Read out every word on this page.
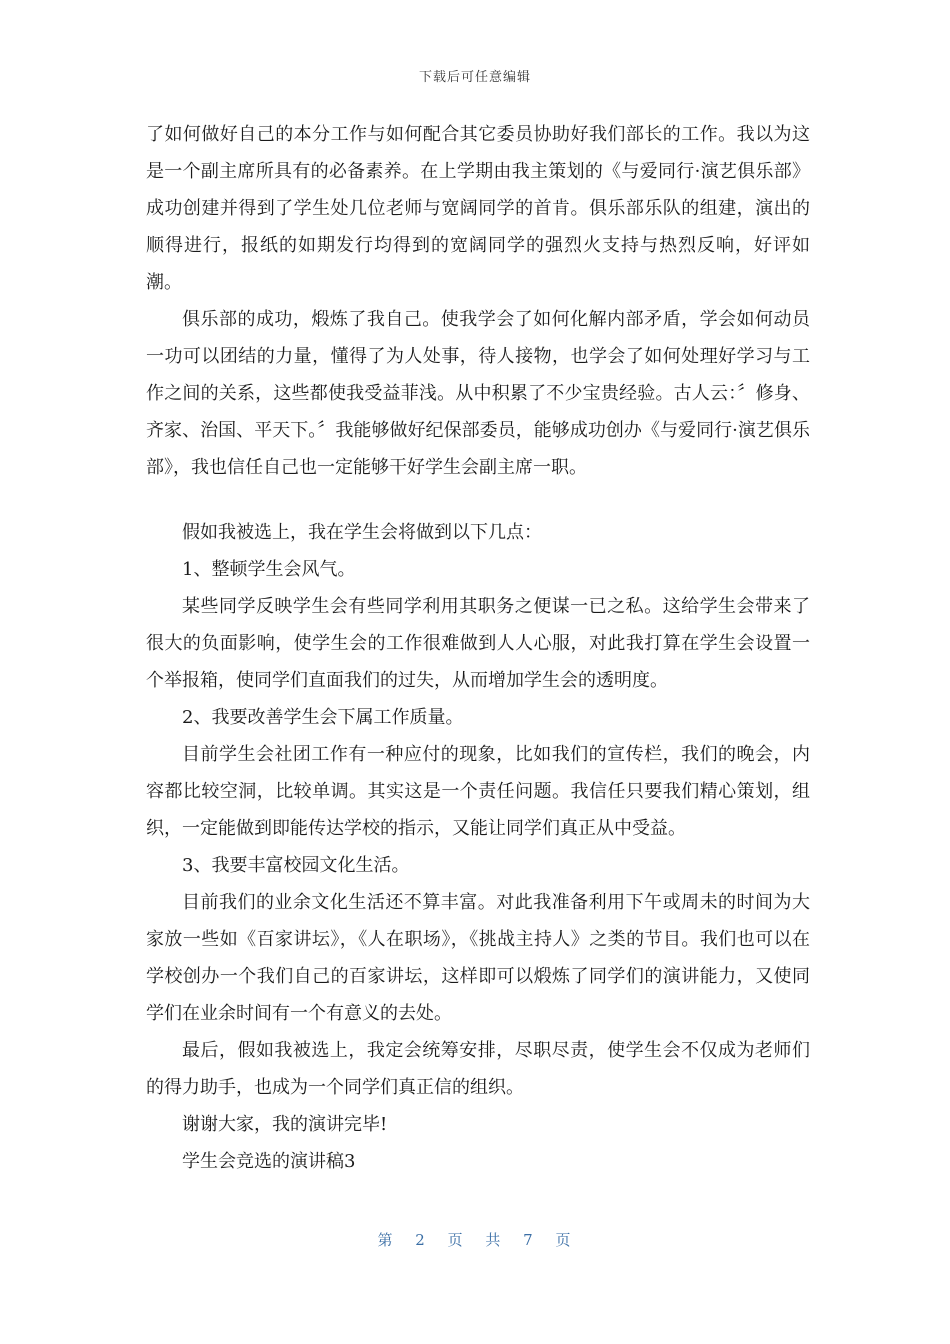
下载后可任意编辑

了如何做好自己的本分工作与如何配合其它委员协助好我们部长的工作。我以为这是一个副主席所具有的必备素养。在上学期由我主策划的《与爱同行·演艺俱乐部》成功创建并得到了学生处几位老师与宽阔同学的首肯。俱乐部乐队的组建，演出的顺得进行，报纸的如期发行均得到的宽阔同学的强烈火支持与热烈反响，好评如潮。

俱乐部的成功，煅炼了我自己。使我学会了如何化解内部矛盾，学会如何动员一功可以团结的力量，懂得了为人处事，待人接物，也学会了如何处理好学习与工作之间的关系，这些都使我受益菲浅。从中积累了不少宝贵经验。古人云：〞修身、齐家、治国、平天下。〞我能够做好纪保部委员，能够成功创办《与爱同行·演艺俱乐部》，我也信任自己也一定能够干好学生会副主席一职。

假如我被选上，我在学生会将做到以下几点：

1、整顿学生会风气。

某些同学反映学生会有些同学利用其职务之便谋一已之私。这给学生会带来了很大的负面影响，使学生会的工作很难做到人人心服，对此我打算在学生会设置一个举报箱，使同学们直面我们的过失，从而增加学生会的透明度。

2、我要改善学生会下属工作质量。

目前学生会社团工作有一种应付的现象，比如我们的宣传栏，我们的晚会，内容都比较空洞，比较单调。其实这是一个责任问题。我信任只要我们精心策划，组织，一定能做到即能传达学校的指示，又能让同学们真正从中受益。

3、我要丰富校园文化生活。

目前我们的业余文化生活还不算丰富。对此我准备利用下午或周未的时间为大家放一些如《百家讲坛》，《人在职场》，《挑战主持人》之类的节目。我们也可以在学校创办一个我们自己的百家讲坛，这样即可以煅炼了同学们的演讲能力，又使同学们在业余时间有一个有意义的去处。

最后，假如我被选上，我定会统筹安排，尽职尽责，使学生会不仅成为老师们的得力助手，也成为一个同学们真正信的组织。

谢谢大家，我的演讲完毕!

学生会竞选的演讲稿3

第 2 页 共 7 页
